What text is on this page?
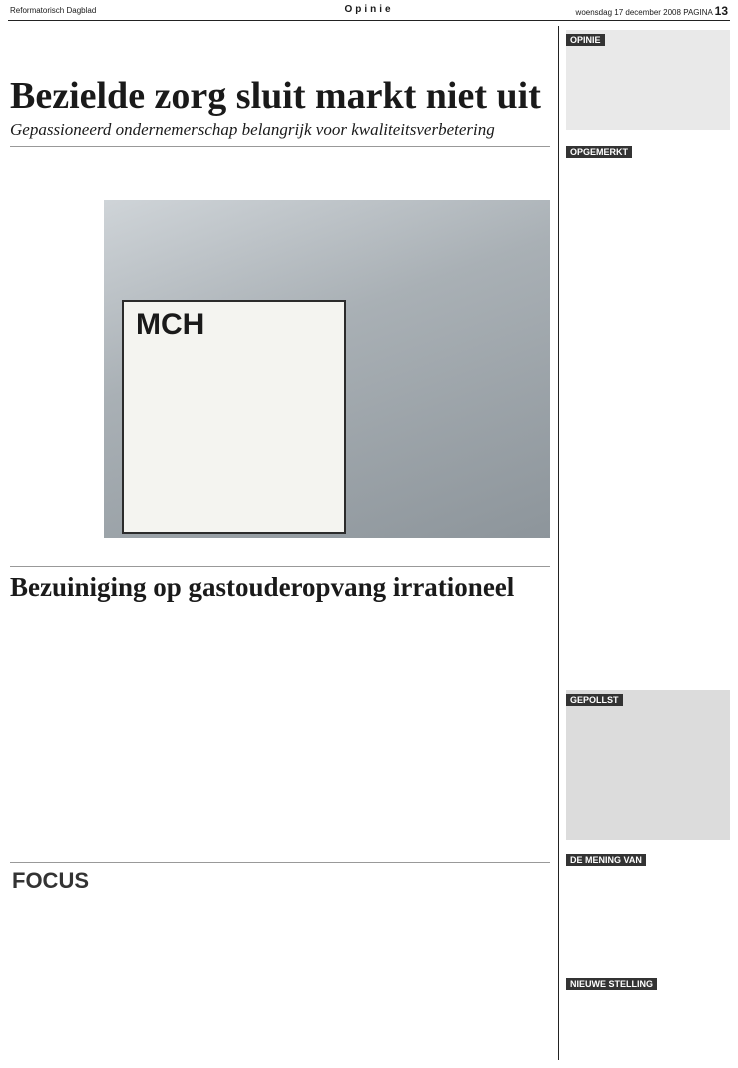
Reformatorisch Dagblad	Opinie	woensdag 17 december 2008 PAGINA 13
Bezielde zorg sluit markt niet uit
Gepassioneerd ondernemerschap belangrijk voor kwaliteitsverbetering
MCH
Bezuiniging op gastouderopvang irrationeel
FOCUS
OPINIE
OPGEMERKT
GEPOLLST
DE MENING VAN
NIEUWE STELLING
